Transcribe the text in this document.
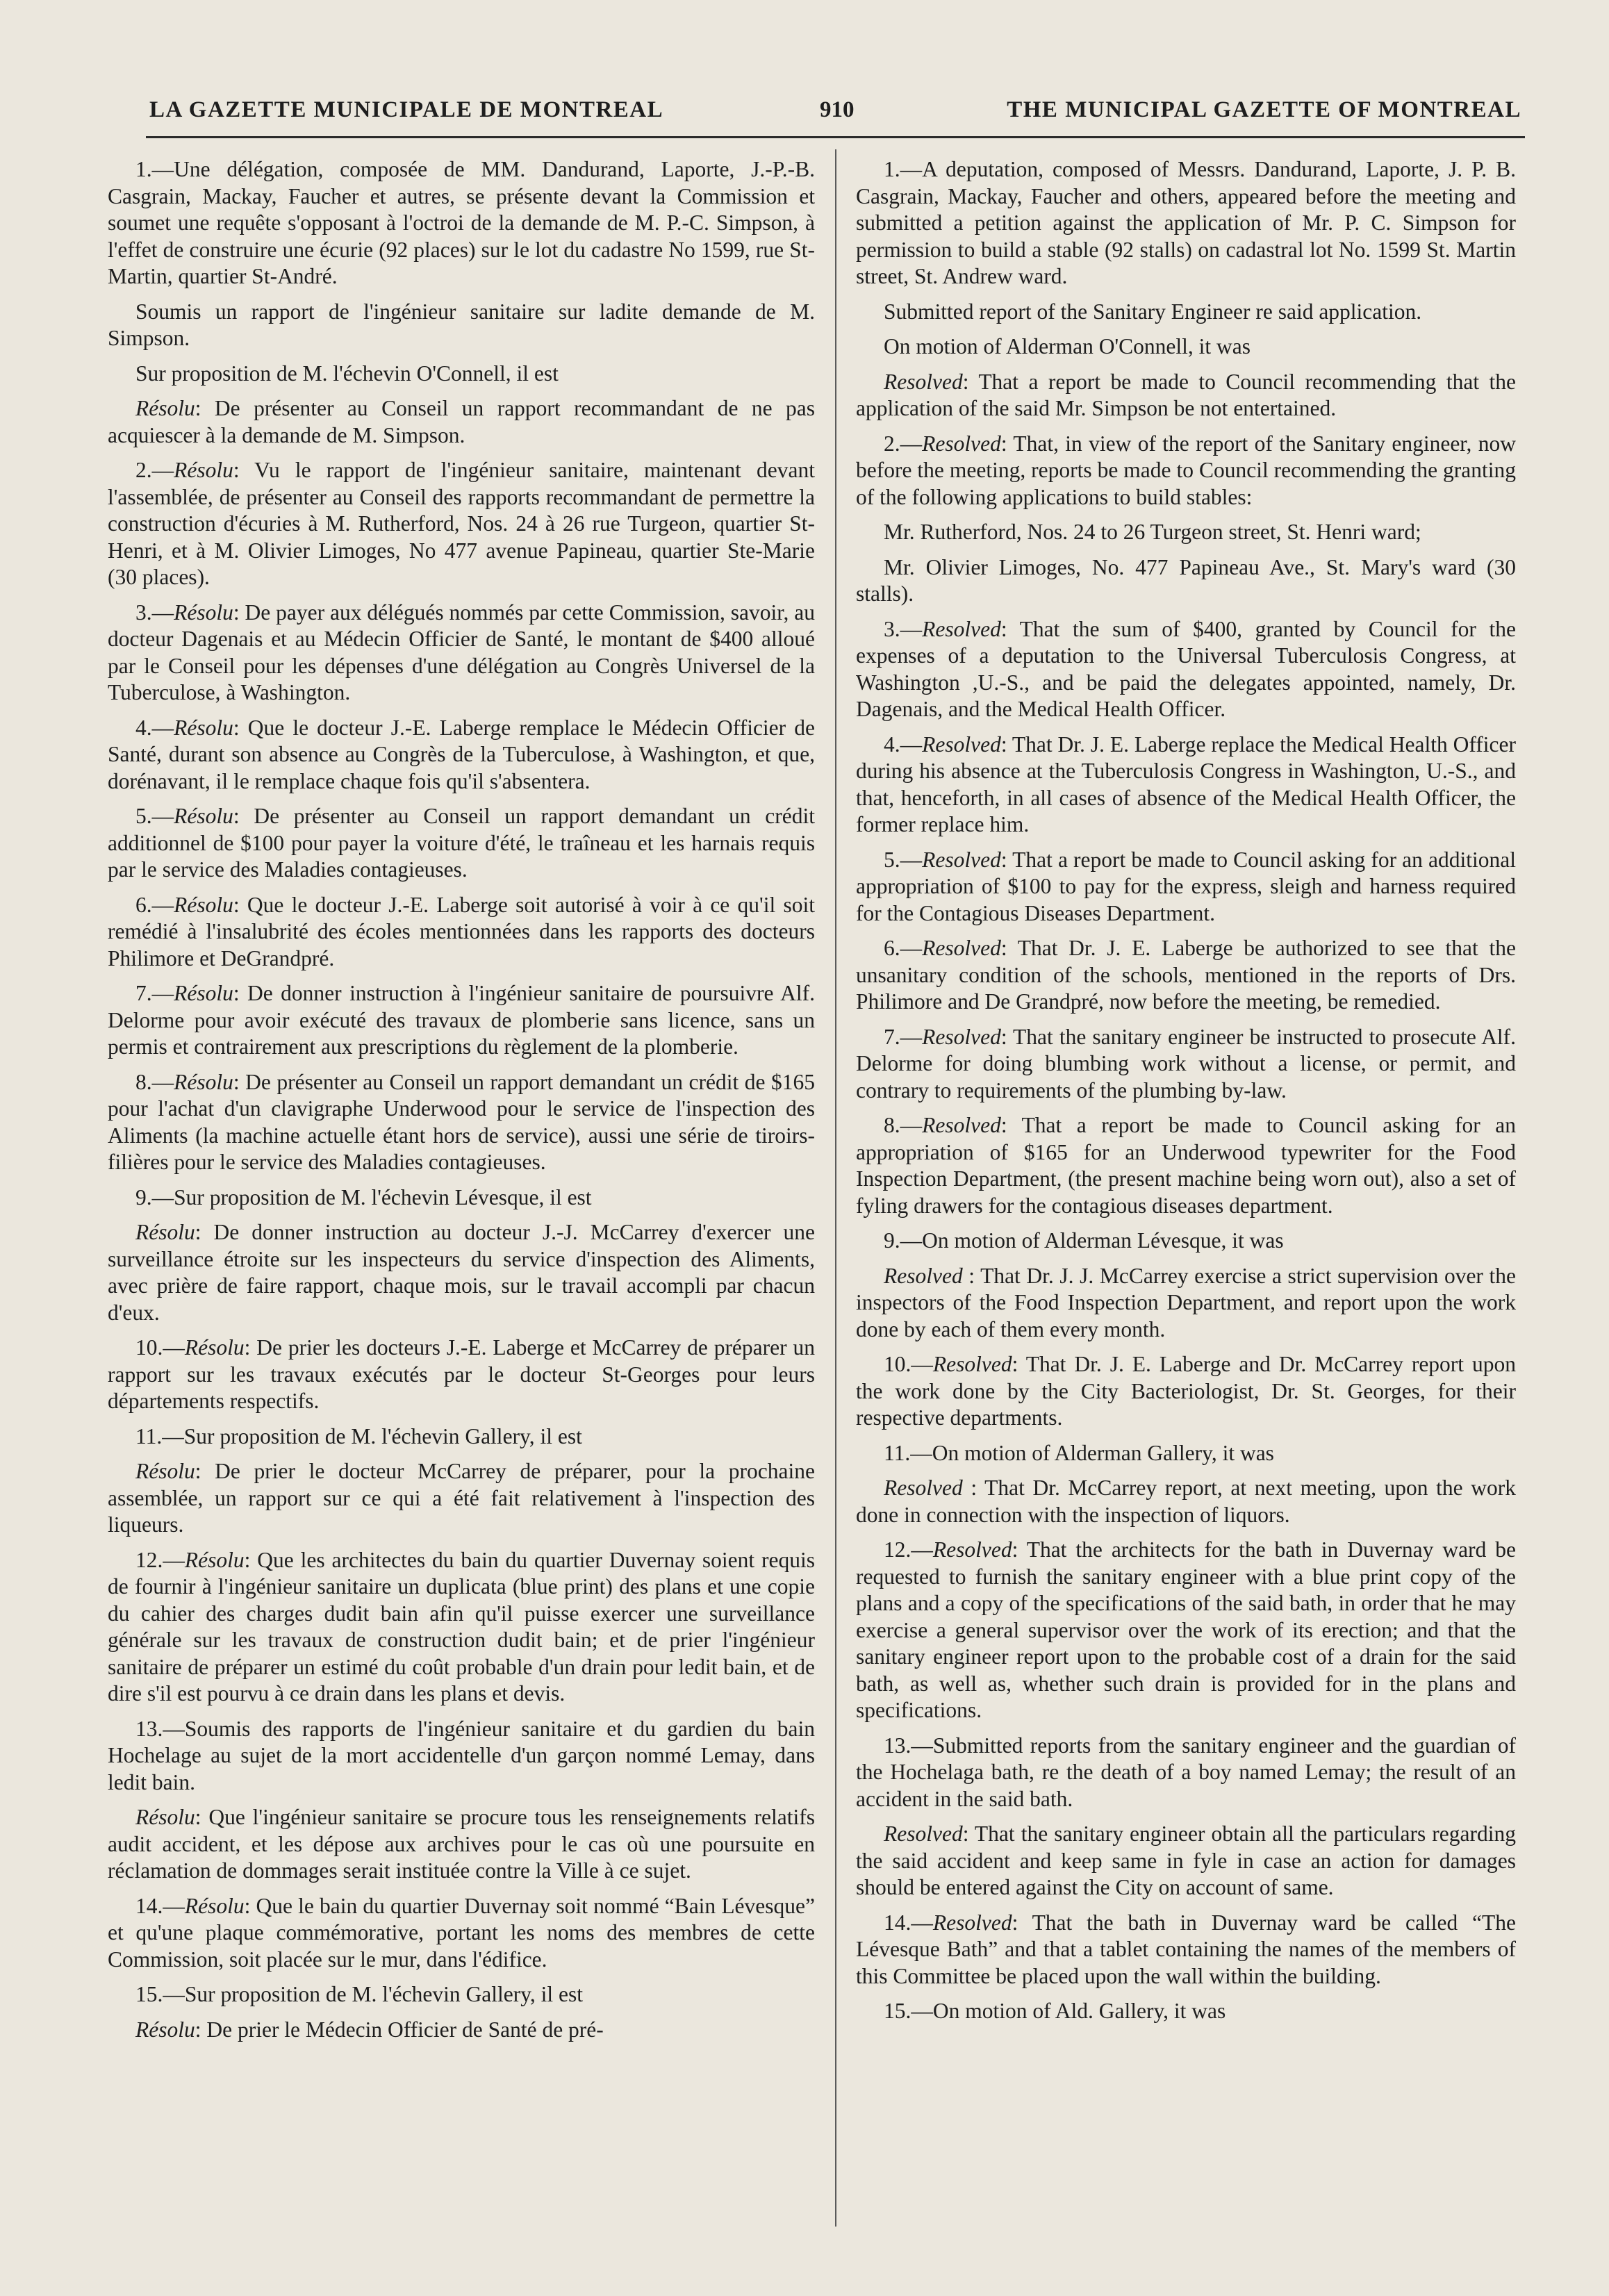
LA GAZETTE MUNICIPALE DE MONTREAL	910	THE MUNICIPAL GAZETTE OF MONTREAL

1.—Une délégation, composée de MM. Dandurand, Laporte, J.-P.-B. Casgrain, Mackay, Faucher et autres, se présente devant la Commission et soumet une requête s'opposant à l'octroi de la demande de M. P.-C. Simpson, à l'effet de construire une écurie (92 places) sur le lot du cadastre No 1599, rue St-Martin, quartier St-André.

Soumis un rapport de l'ingénieur sanitaire sur ladite demande de M. Simpson.

Sur proposition de M. l'échevin O'Connell, il est

Résolu: De présenter au Conseil un rapport recommandant de ne pas acquiescer à la demande de M. Simpson.

2.—Résolu: Vu le rapport de l'ingénieur sanitaire, maintenant devant l'assemblée, de présenter au Conseil des rapports recommandant de permettre la construction d'écuries à M. Rutherford, Nos. 24 à 26 rue Turgeon, quartier St-Henri, et à M. Olivier Limoges, No 477 avenue Papineau, quartier Ste-Marie (30 places).

3.—Résolu: De payer aux délégués nommés par cette Commission, savoir, au docteur Dagenais et au Médecin Officier de Santé, le montant de $400 alloué par le Conseil pour les dépenses d'une délégation au Congrès Universel de la Tuberculose, à Washington.

4.—Résolu: Que le docteur J.-E. Laberge remplace le Médecin Officier de Santé, durant son absence au Congrès de la Tuberculose, à Washington, et que, dorénavant, il le remplace chaque fois qu'il s'absentera.

5.—Résolu: De présenter au Conseil un rapport demandant un crédit additionnel de $100 pour payer la voiture d'été, le traîneau et les harnais requis par le service des Maladies contagieuses.

6.—Résolu: Que le docteur J.-E. Laberge soit autorisé à voir à ce qu'il soit remédié à l'insalubrité des écoles mentionnées dans les rapports des docteurs Philimore et DeGrandpré.

7.—Résolu: De donner instruction à l'ingénieur sanitaire de poursuivre Alf. Delorme pour avoir exécuté des travaux de plomberie sans licence, sans un permis et contrairement aux prescriptions du règlement de la plomberie.

8.—Résolu: De présenter au Conseil un rapport demandant un crédit de $165 pour l'achat d'un clavigraphe Underwood pour le service de l'inspection des Aliments (la machine actuelle étant hors de service), aussi une série de tiroirs-filières pour le service des Maladies contagieuses.

9.—Sur proposition de M. l'échevin Lévesque, il est

Résolu: De donner instruction au docteur J.-J. McCarrey d'exercer une surveillance étroite sur les inspecteurs du service d'inspection des Aliments, avec prière de faire rapport, chaque mois, sur le travail accompli par chacun d'eux.

10.—Résolu: De prier les docteurs J.-E. Laberge et McCarrey de préparer un rapport sur les travaux exécutés par le docteur St-Georges pour leurs départements respectifs.

11.—Sur proposition de M. l'échevin Gallery, il est

Résolu: De prier le docteur McCarrey de préparer, pour la prochaine assemblée, un rapport sur ce qui a été fait relativement à l'inspection des liqueurs.

12.—Résolu: Que les architectes du bain du quartier Duvernay soient requis de fournir à l'ingénieur sanitaire un duplicata (blue print) des plans et une copie du cahier des charges dudit bain afin qu'il puisse exercer une surveillance générale sur les travaux de construction dudit bain; et de prier l'ingénieur sanitaire de préparer un estimé du coût probable d'un drain pour ledit bain, et de dire s'il est pourvu à ce drain dans les plans et devis.

13.—Soumis des rapports de l'ingénieur sanitaire et du gardien du bain Hochelage au sujet de la mort accidentelle d'un garçon nommé Lemay, dans ledit bain.

Résolu: Que l'ingénieur sanitaire se procure tous les renseignements relatifs audit accident, et les dépose aux archives pour le cas où une poursuite en réclamation de dommages serait instituée contre la Ville à ce sujet.

14.—Résolu: Que le bain du quartier Duvernay soit nommé “Bain Lévesque” et qu'une plaque commémorative, portant les noms des membres de cette Commission, soit placée sur le mur, dans l'édifice.

15.—Sur proposition de M. l'échevin Gallery, il est

Résolu: De prier le Médecin Officier de Santé de pré-

1.—A deputation, composed of Messrs. Dandurand, Laporte, J. P. B. Casgrain, Mackay, Faucher and others, appeared before the meeting and submitted a petition against the application of Mr. P. C. Simpson for permission to build a stable (92 stalls) on cadastral lot No. 1599 St. Martin street, St. Andrew ward.

Submitted report of the Sanitary Engineer re said application.

On motion of Alderman O'Connell, it was

Resolved: That a report be made to Council recommending that the application of the said Mr. Simpson be not entertained.

2.—Resolved: That, in view of the report of the Sanitary engineer, now before the meeting, reports be made to Council recommending the granting of the following applications to build stables:

Mr. Rutherford, Nos. 24 to 26 Turgeon street, St. Henri ward;

Mr. Olivier Limoges, No. 477 Papineau Ave., St. Mary's ward (30 stalls).

3.—Resolved: That the sum of $400, granted by Council for the expenses of a deputation to the Universal Tuberculosis Congress, at Washington ,U.-S., and be paid the delegates appointed, namely, Dr. Dagenais, and the Medical Health Officer.

4.—Resolved: That Dr. J. E. Laberge replace the Medical Health Officer during his absence at the Tuberculosis Congress in Washington, U.-S., and that, henceforth, in all cases of absence of the Medical Health Officer, the former replace him.

5.—Resolved: That a report be made to Council asking for an additional appropriation of $100 to pay for the express, sleigh and harness required for the Contagious Diseases Department.

6.—Resolved: That Dr. J. E. Laberge be authorized to see that the unsanitary condition of the schools, mentioned in the reports of Drs. Philimore and De Grandpré, now before the meeting, be remedied.

7.—Resolved: That the sanitary engineer be instructed to prosecute Alf. Delorme for doing blumbing work without a license, or permit, and contrary to requirements of the plumbing by-law.

8.—Resolved: That a report be made to Council asking for an appropriation of $165 for an Underwood typewriter for the Food Inspection Department, (the present machine being worn out), also a set of fyling drawers for the contagious diseases department.

9.—On motion of Alderman Lévesque, it was

Resolved : That Dr. J. J. McCarrey exercise a strict supervision over the inspectors of the Food Inspection Department, and report upon the work done by each of them every month.

10.—Resolved: That Dr. J. E. Laberge and Dr. McCarrey report upon the work done by the City Bacteriologist, Dr. St. Georges, for their respective departments.

11.—On motion of Alderman Gallery, it was

Resolved : That Dr. McCarrey report, at next meeting, upon the work done in connection with the inspection of liquors.

12.—Resolved: That the architects for the bath in Duvernay ward be requested to furnish the sanitary engineer with a blue print copy of the plans and a copy of the specifications of the said bath, in order that he may exercise a general supervisor over the work of its erection; and that the sanitary engineer report upon to the probable cost of a drain for the said bath, as well as, whether such drain is provided for in the plans and specifications.

13.—Submitted reports from the sanitary engineer and the guardian of the Hochelaga bath, re the death of a boy named Lemay; the result of an accident in the said bath.

Resolved: That the sanitary engineer obtain all the particulars regarding the said accident and keep same in fyle in case an action for damages should be entered against the City on account of same.

14.—Resolved: That the bath in Duvernay ward be called “The Lévesque Bath” and that a tablet containing the names of the members of this Committee be placed upon the wall within the building.

15.—On motion of Ald. Gallery, it was
